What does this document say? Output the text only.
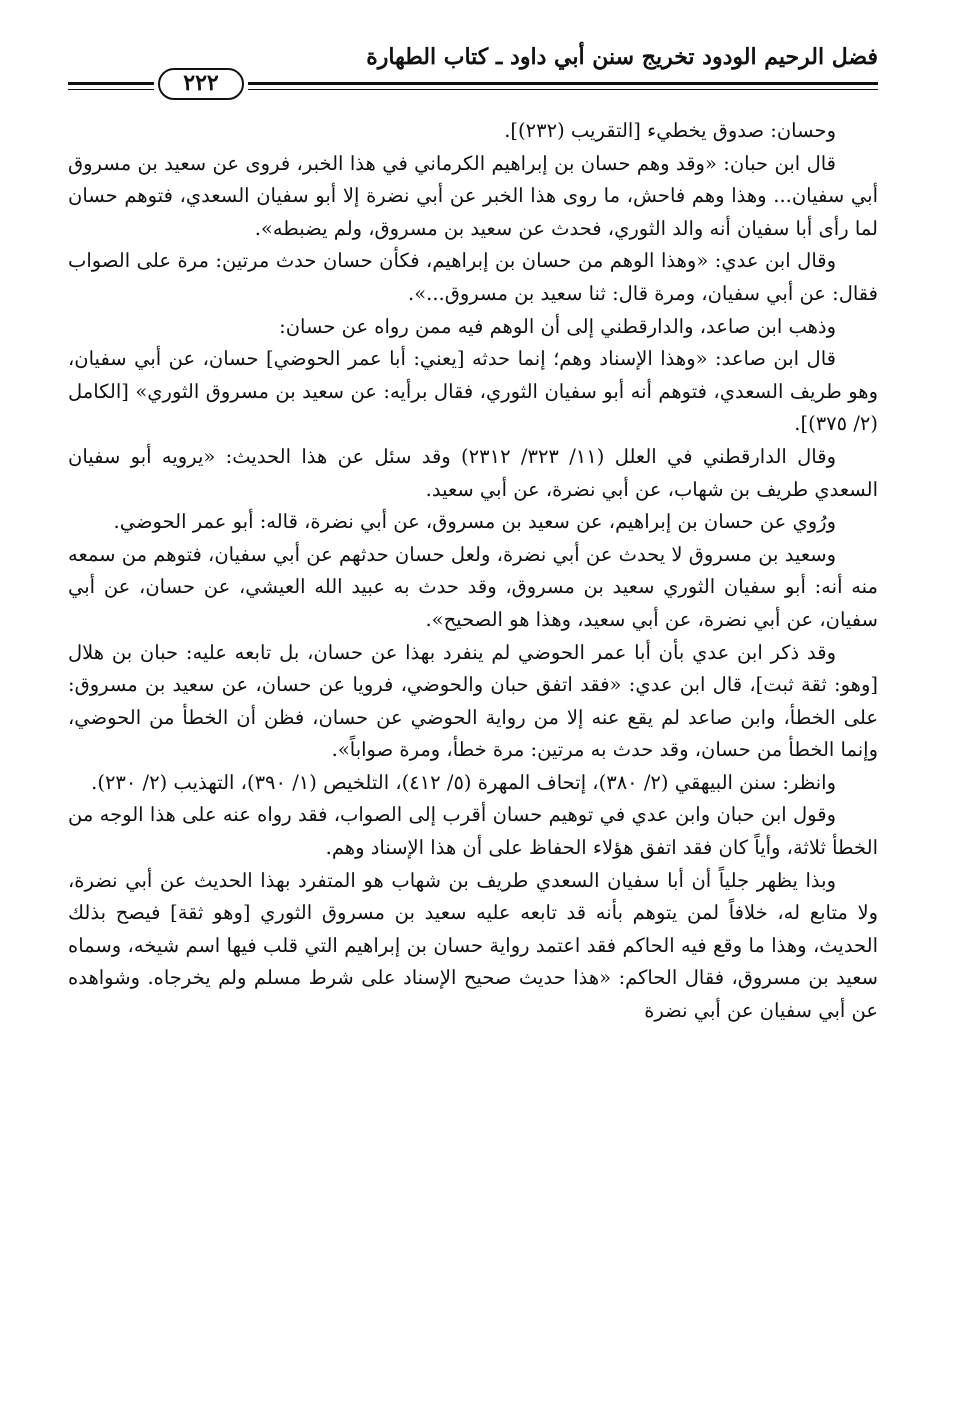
فضل الرحيم الودود تخريج سنن أبي داود ـ كتاب الطهارة
٢٢٢

وحسان: صدوق يخطيء [التقريب (٢٣٢)].

قال ابن حبان: «وقد وهم حسان بن إبراهيم الكرماني في هذا الخبر، فروى عن سعيد بن مسروق أبي سفيان... وهذا وهم فاحش، ما روى هذا الخبر عن أبي نضرة إلا أبو سفيان السعدي، فتوهم حسان لما رأى أبا سفيان أنه والد الثوري، فحدث عن سعيد بن مسروق، ولم يضبطه».

وقال ابن عدي: «وهذا الوهم من حسان بن إبراهيم، فكأن حسان حدث مرتين: مرة على الصواب فقال: عن أبي سفيان، ومرة قال: ثنا سعيد بن مسروق...».

وذهب ابن صاعد، والدارقطني إلى أن الوهم فيه ممن رواه عن حسان:

قال ابن صاعد: «وهذا الإسناد وهم؛ إنما حدثه [يعني: أبا عمر الحوضي] حسان، عن أبي سفيان، وهو طريف السعدي، فتوهم أنه أبو سفيان الثوري، فقال برأيه: عن سعيد بن مسروق الثوري» [الكامل (٢/ ٣٧٥)].

وقال الدارقطني في العلل (١١/ ٣٢٣/ ٢٣١٢) وقد سئل عن هذا الحديث: «يرويه أبو سفيان السعدي طريف بن شهاب، عن أبي نضرة، عن أبي سعيد.

ورُوي عن حسان بن إبراهيم، عن سعيد بن مسروق، عن أبي نضرة، قاله: أبو عمر الحوضي.

وسعيد بن مسروق لا يحدث عن أبي نضرة، ولعل حسان حدثهم عن أبي سفيان، فتوهم من سمعه منه أنه: أبو سفيان الثوري سعيد بن مسروق، وقد حدث به عبيد الله العيشي، عن حسان، عن أبي سفيان، عن أبي نضرة، عن أبي سعيد، وهذا هو الصحيح».

وقد ذكر ابن عدي بأن أبا عمر الحوضي لم ينفرد بهذا عن حسان، بل تابعه عليه: حبان بن هلال [وهو: ثقة ثبت]، قال ابن عدي: «فقد اتفق حبان والحوضي، فرويا عن حسان، عن سعيد بن مسروق: على الخطأ، وابن صاعد لم يقع عنه إلا من رواية الحوضي عن حسان، فظن أن الخطأ من الحوضي، وإنما الخطأ من حسان، وقد حدث به مرتين: مرة خطأ، ومرة صواباً».

وانظر: سنن البيهقي (٢/ ٣٨٠)، إتحاف المهرة (٥/ ٤١٢)، التلخيص (١/ ٣٩٠)، التهذيب (٢/ ٢٣٠).

وقول ابن حبان وابن عدي في توهيم حسان أقرب إلى الصواب، فقد رواه عنه على هذا الوجه من الخطأ ثلاثة، وأياً كان فقد اتفق هؤلاء الحفاظ على أن هذا الإسناد وهم.

وبذا يظهر جلياً أن أبا سفيان السعدي طريف بن شهاب هو المتفرد بهذا الحديث عن أبي نضرة، ولا متابع له، خلافاً لمن يتوهم بأنه قد تابعه عليه سعيد بن مسروق الثوري [وهو ثقة] فيصح بذلك الحديث، وهذا ما وقع فيه الحاكم فقد اعتمد رواية حسان بن إبراهيم التي قلب فيها اسم شيخه، وسماه سعيد بن مسروق، فقال الحاكم: «هذا حديث صحيح الإسناد على شرط مسلم ولم يخرجاه. وشواهده عن أبي سفيان عن أبي نضرة
